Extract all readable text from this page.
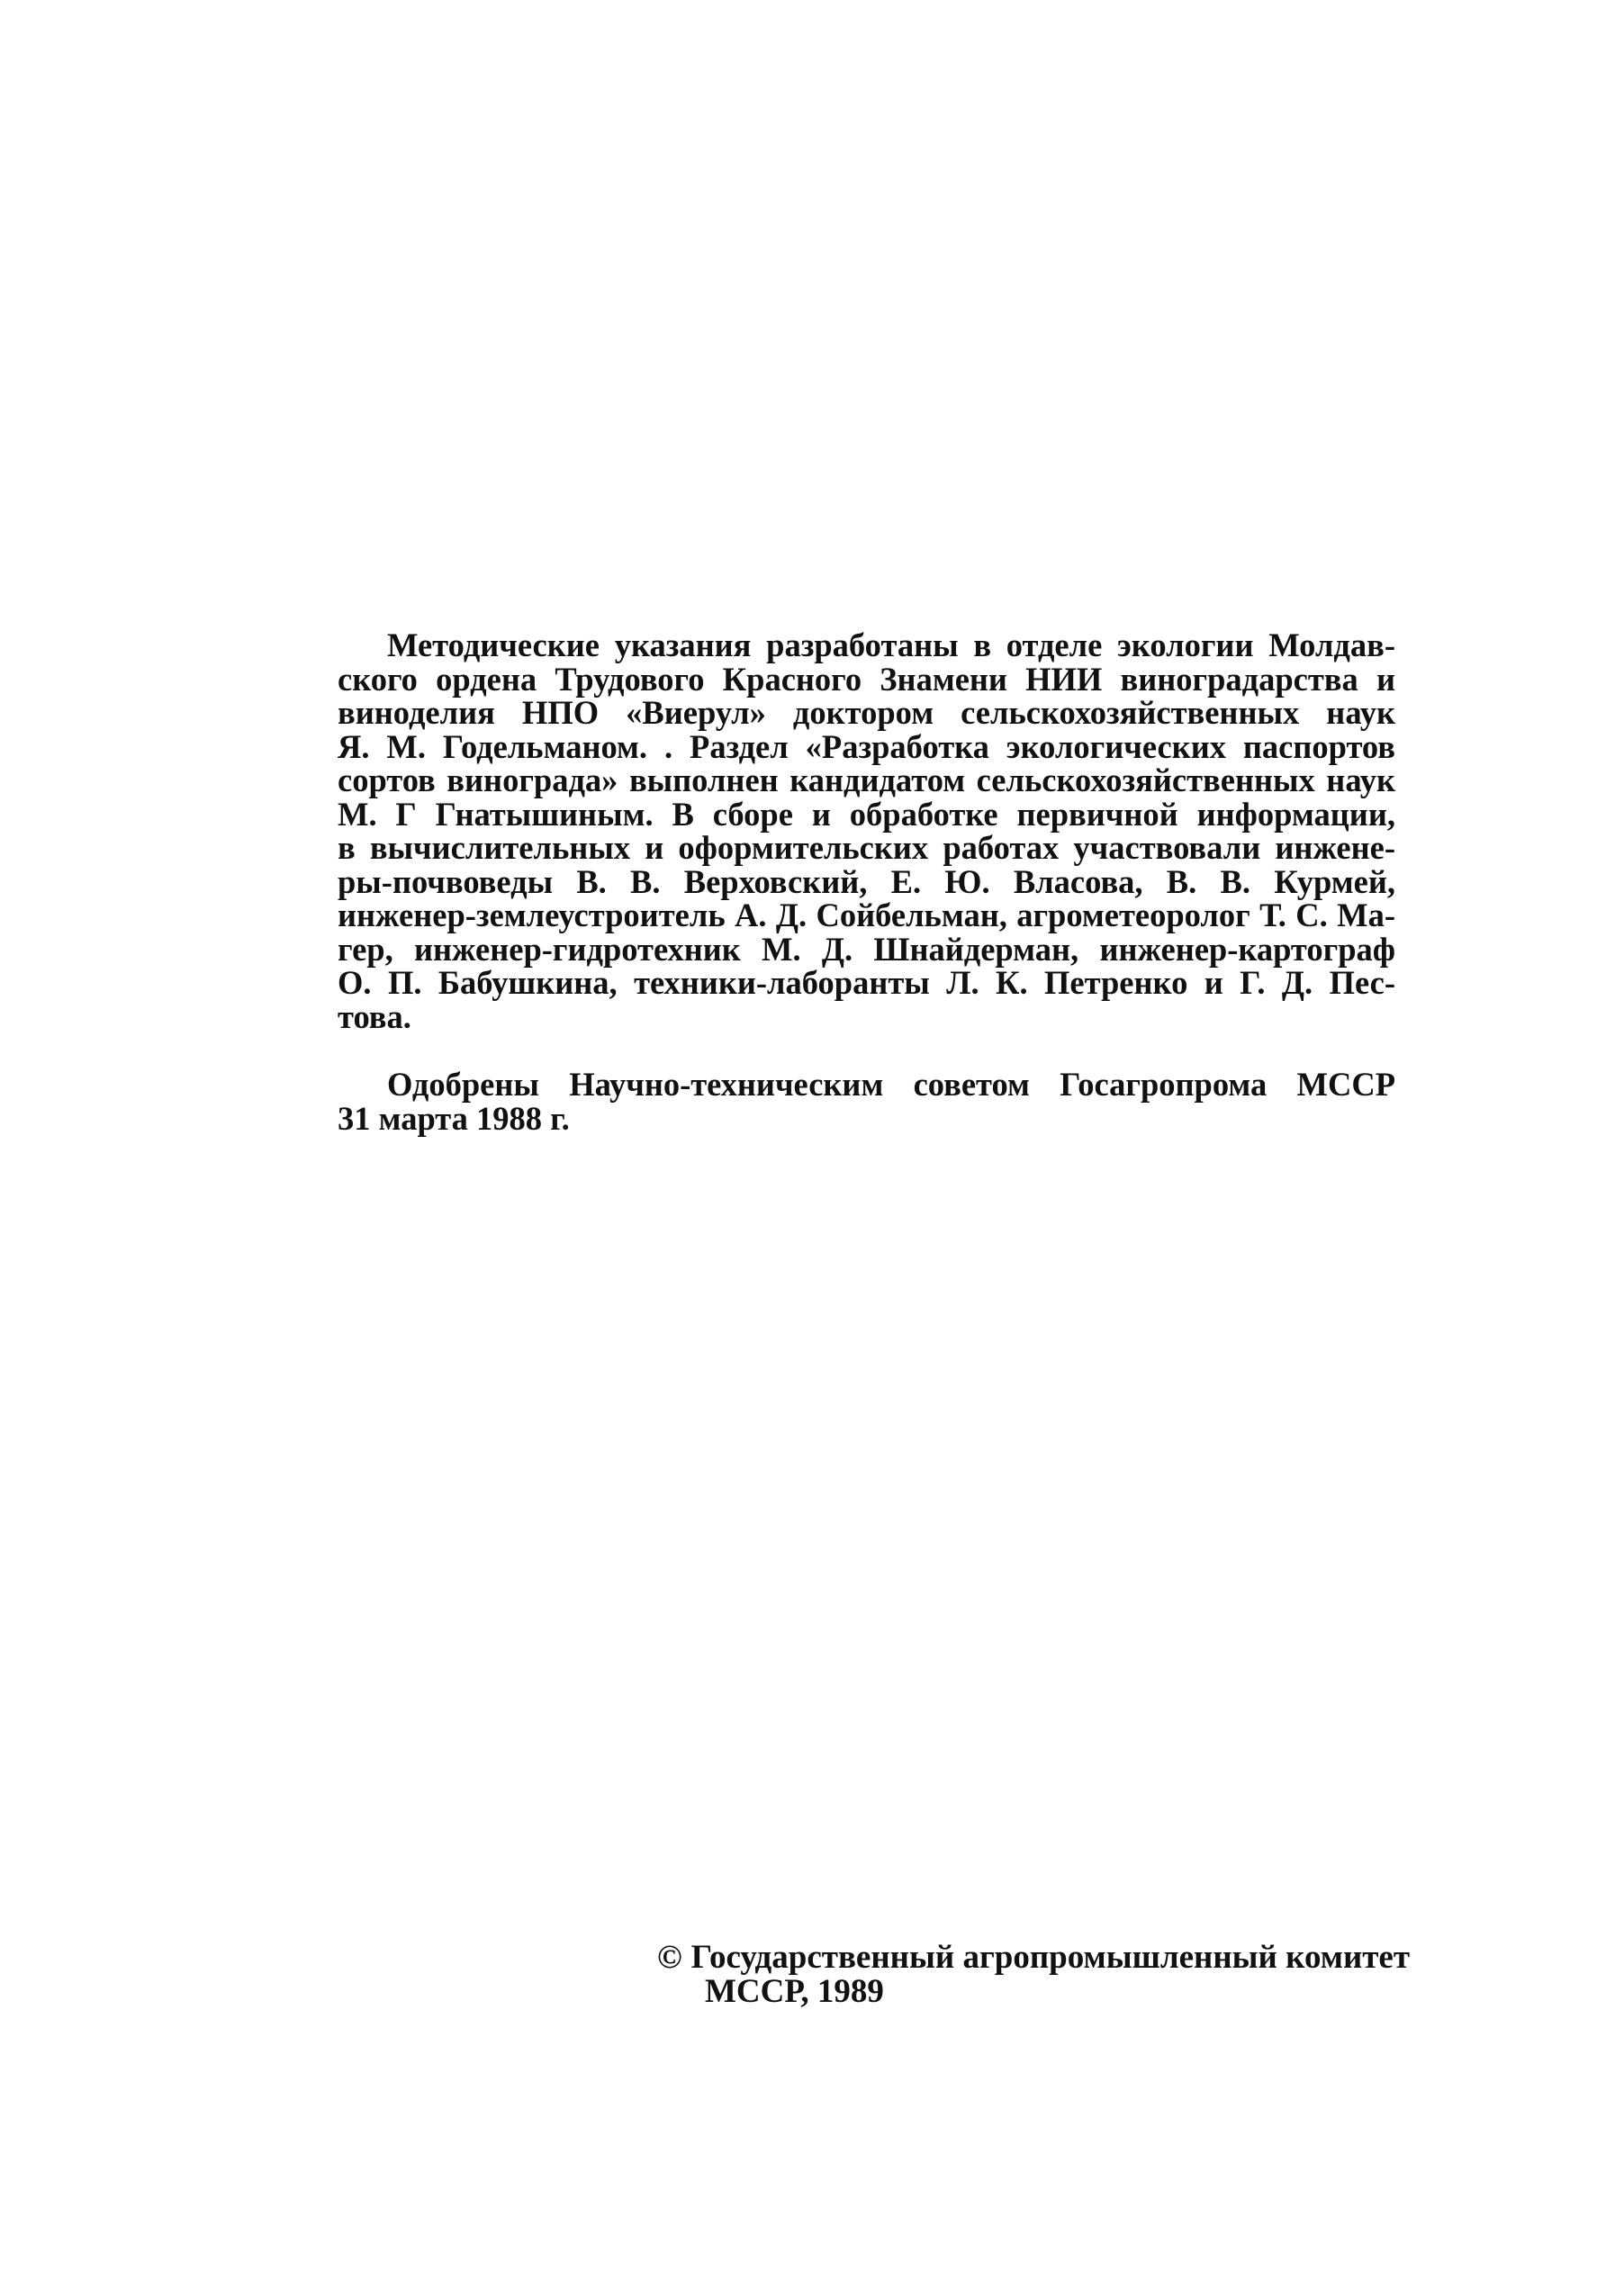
Методические указания разработаны в отделе экологии Молдав-
ского ордена Трудового Красного Знамени НИИ виноградарства и
виноделия НПО «Виерул» доктором сельскохозяйственных наук
Я. М. Годельманом. . Раздел «Разработка экологических паспортов
сортов винограда» выполнен кандидатом сельскохозяйственных наук
М. Г Гнатышиным. В сборе и обработке первичной информации,
в вычислительных и оформительских работах участвовали инжене-
ры-почвоведы В. В. Верховский, Е. Ю. Власова, В. В. Курмей,
инженер-землеустроитель А. Д. Сойбельман, агрометеоролог Т. С. Ма-
гер, инженер-гидротехник М. Д. Шнайдерман, инженер-картограф
О. П. Бабушкина, техники-лаборанты Л. К. Петренко и Г. Д. Пес-
това.
Одобрены Научно-техническим советом Госагропрома МССР
31 марта 1988 г.
© Государственный агропромышленный комитет
МССР, 1989
